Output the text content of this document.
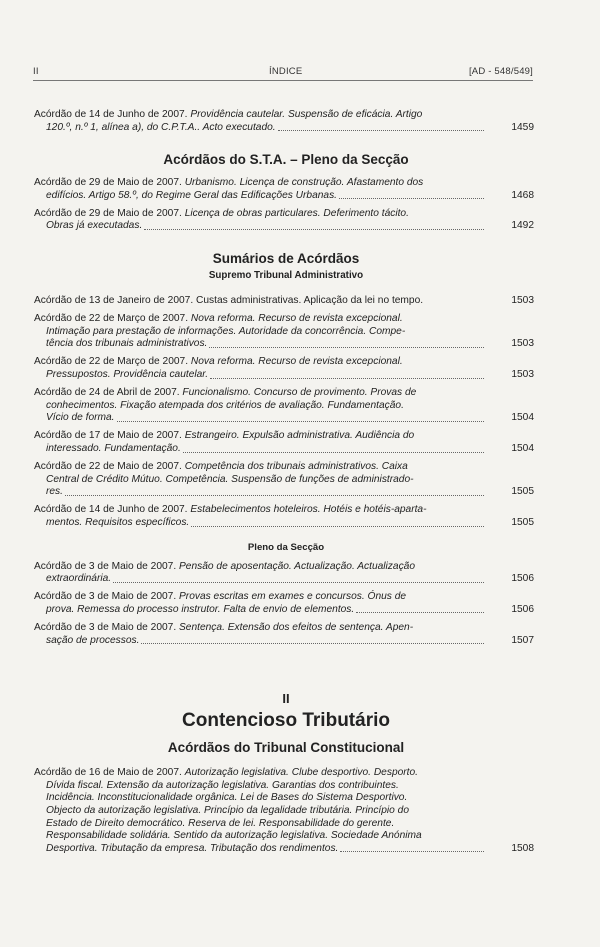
II	ÍNDICE	[AD - 548/549]
Acórdão de 14 de Junho de 2007. Providência cautelar. Suspensão de eficácia. Artigo
120.º, n.º 1, alínea a), do C.P.T.A.. Acto executado.	1459
Acórdãos do S.T.A. – Pleno da Secção
Acórdão de 29 de Maio de 2007. Urbanismo. Licença de construção. Afastamento dos
edifícios. Artigo 58.º, do Regime Geral das Edificações Urbanas.	1468
Acórdão de 29 de Maio de 2007. Licença de obras particulares. Deferimento tácito.
Obras já executadas.	1492
Sumários de Acórdãos
Supremo Tribunal Administrativo
Acórdão de 13 de Janeiro de 2007. Custas administrativas. Aplicação da lei no tempo.	1503
Acórdão de 22 de Março de 2007. Nova reforma. Recurso de revista excepcional.
Intimação para prestação de informações. Autoridade da concorrência. Compe-
tência dos tribunais administrativos.	1503
Acórdão de 22 de Março de 2007. Nova reforma. Recurso de revista excepcional.
Pressupostos. Providência cautelar.	1503
Acórdão de 24 de Abril de 2007. Funcionalismo. Concurso de provimento. Provas de
conhecimentos. Fixação atempada dos critérios de avaliação. Fundamentação.
Vício de forma.	1504
Acórdão de 17 de Maio de 2007. Estrangeiro. Expulsão administrativa. Audiência do
interessado. Fundamentação.	1504
Acórdão de 22 de Maio de 2007. Competência dos tribunais administrativos. Caixa
Central de Crédito Mútuo. Competência. Suspensão de funções de administrado-
res.	1505
Acórdão de 14 de Junho de 2007. Estabelecimentos hoteleiros. Hotéis e hotéis-aparta-
mentos. Requisitos específicos.	1505
Pleno da Secção
Acórdão de 3 de Maio de 2007. Pensão de aposentação. Actualização. Actualização
extraordinária.	1506
Acórdão de 3 de Maio de 2007. Provas escritas em exames e concursos. Ónus de
prova. Remessa do processo instrutor. Falta de envio de elementos.	1506
Acórdão de 3 de Maio de 2007. Sentença. Extensão dos efeitos de sentença. Apen-
sação de processos.	1507
II
Contencioso Tributário
Acórdãos do Tribunal Constitucional
Acórdão de 16 de Maio de 2007. Autorização legislativa. Clube desportivo. Desporto.
Dívida fiscal. Extensão da autorização legislativa. Garantias dos contribuintes.
Incidência. Inconstitucionalidade orgânica. Lei de Bases do Sistema Desportivo.
Objecto da autorização legislativa. Princípio da legalidade tributária. Princípio do
Estado de Direito democrático. Reserva de lei. Responsabilidade do gerente.
Responsabilidade solidária. Sentido da autorização legislativa. Sociedade Anónima
Desportiva. Tributação da empresa. Tributação dos rendimentos.	1508
